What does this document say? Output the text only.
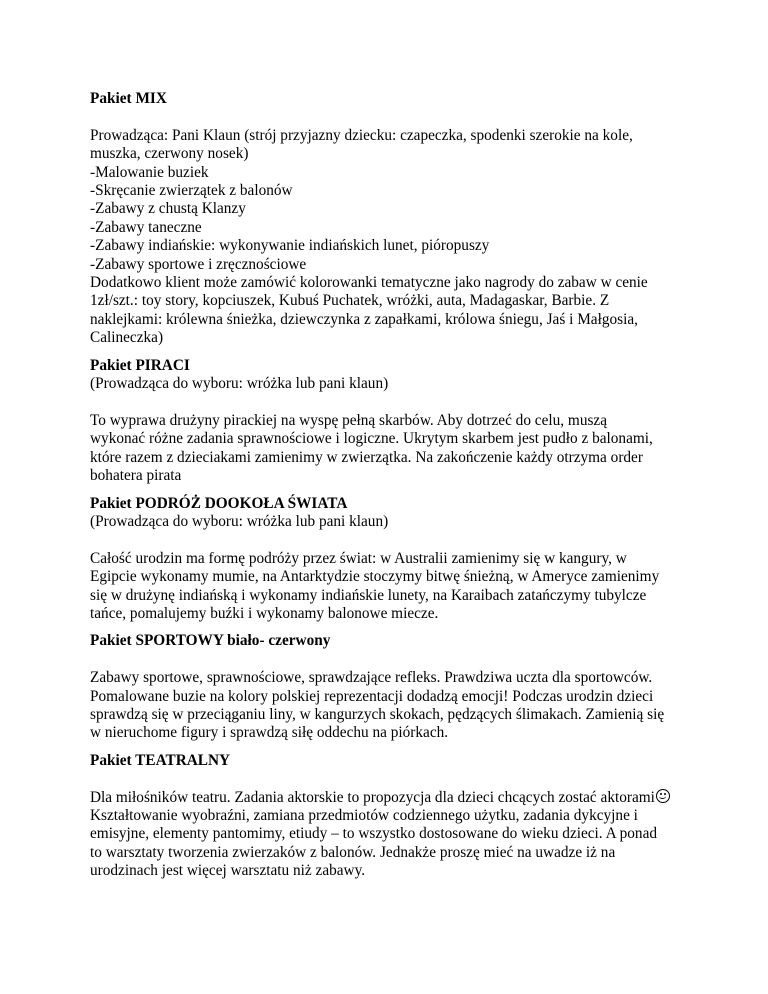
Pakiet MIX

Prowadząca: Pani Klaun (strój przyjazny dziecku: czapeczka, spodenki szerokie na kole,

muszka, czerwony nosek)

-Malowanie buziek

-Skręcanie zwierzątek z balonów

-Zabawy z chustą Klanzy

-Zabawy taneczne

-Zabawy indiańskie: wykonywanie indiańskich lunet, pióropuszy

-Zabawy sportowe i zręcznościowe

Dodatkowo klient może zamówić kolorowanki tematyczne jako nagrody do zabaw w cenie

1zł/szt.: toy story, kopciuszek, Kubuś Puchatek, wróżki, auta, Madagaskar, Barbie. Z

naklejkami: królewna śnieżka, dziewczynka z zapałkami, królowa śniegu, Jaś i Małgosia,

Calineczka)

Pakiet PIRACI

(Prowadząca do wyboru: wróżka lub pani klaun)

To wyprawa drużyny pirackiej na wyspę pełną skarbów. Aby dotrzeć do celu, muszą

wykonać różne zadania sprawnościowe i logiczne. Ukrytym skarbem jest pudło z balonami,

które razem z dzieciakami zamienimy w zwierzątka. Na zakończenie każdy otrzyma order

bohatera pirata

Pakiet PODRÓŻ DOOKOŁA ŚWIATA

(Prowadząca do wyboru: wróżka lub pani klaun)

Całość urodzin ma formę podróży przez świat: w Australii zamienimy się w kangury, w

Egipcie wykonamy mumie, na Antarktydzie stoczymy bitwę śnieżną, w Ameryce zamienimy

się w drużynę indiańską i wykonamy indiańskie lunety, na Karaibach zatańczymy tubylcze

tańce, pomalujemy buźki i wykonamy balonowe miecze.

Pakiet SPORTOWY biało- czerwony

Zabawy sportowe, sprawnościowe, sprawdzające refleks. Prawdziwa uczta dla sportowców.

Pomalowane buzie na kolory polskiej reprezentacji dodadzą emocji! Podczas urodzin dzieci

sprawdzą się w przeciąganiu liny, w kangurzych skokach, pędzących ślimakach. Zamienią się

w nieruchome figury i sprawdzą siłę oddechu na piórkach.

Pakiet TEATRALNY

Dla miłośników teatru. Zadania aktorskie to propozycja dla dzieci chcących zostać aktorami

Kształtowanie wyobraźni, zamiana przedmiotów codziennego użytku, zadania dykcyjne i

emisyjne, elementy pantomimy, etiudy – to wszystko dostosowane do wieku dzieci. A ponad

to warsztaty tworzenia zwierzaków z balonów. Jednakże proszę mieć na uwadze iż na

urodzinach jest więcej warsztatu niż zabawy.
